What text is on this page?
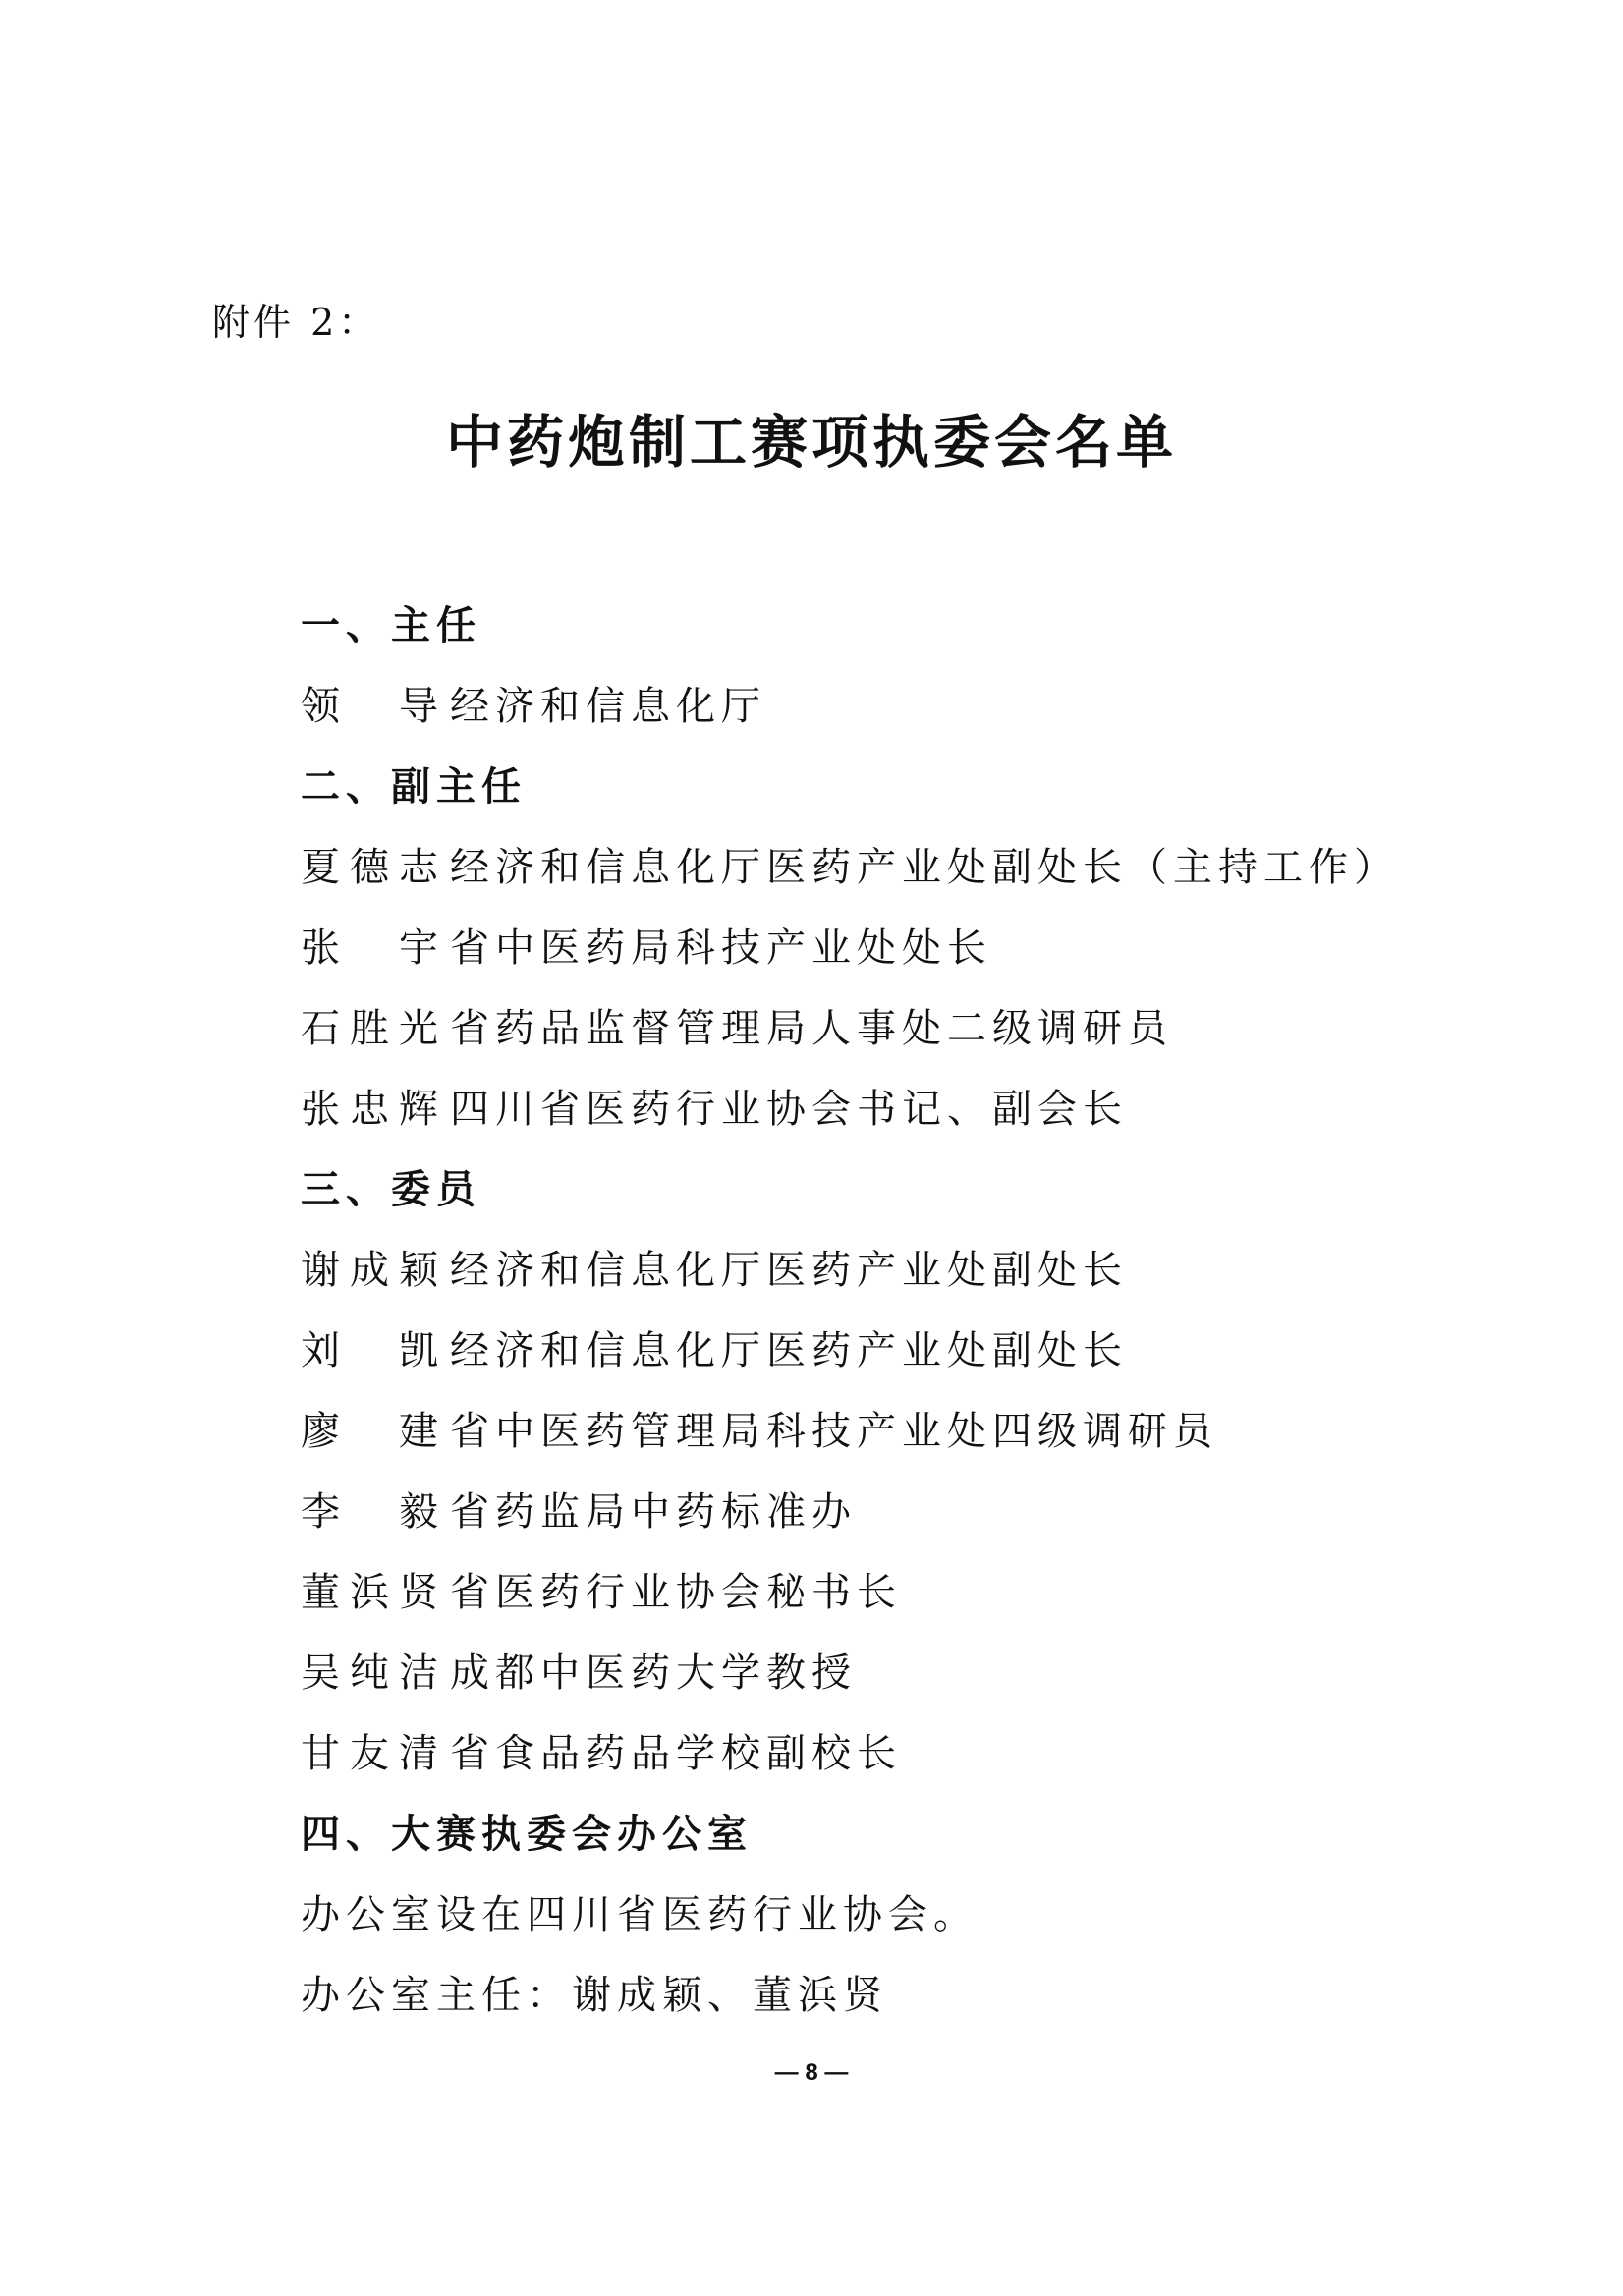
附件 2：
中药炮制工赛项执委会名单
一、主任
领　导 经济和信息化厅
二、副主任
夏德志 经济和信息化厅医药产业处副处长（主持工作）
张　宇 省中医药局科技产业处处长
石胜光 省药品监督管理局人事处二级调研员
张忠辉 四川省医药行业协会书记、副会长
三、委员
谢成颖 经济和信息化厅医药产业处副处长
刘　凯 经济和信息化厅医药产业处副处长
廖　建 省中医药管理局科技产业处四级调研员
李　毅 省药监局中药标准办
董浜贤 省医药行业协会秘书长
吴纯洁 成都中医药大学教授
甘友清 省食品药品学校副校长
四、大赛执委会办公室
办公室设在四川省医药行业协会。
办公室主任：谢成颖、董浜贤
— 8 —
